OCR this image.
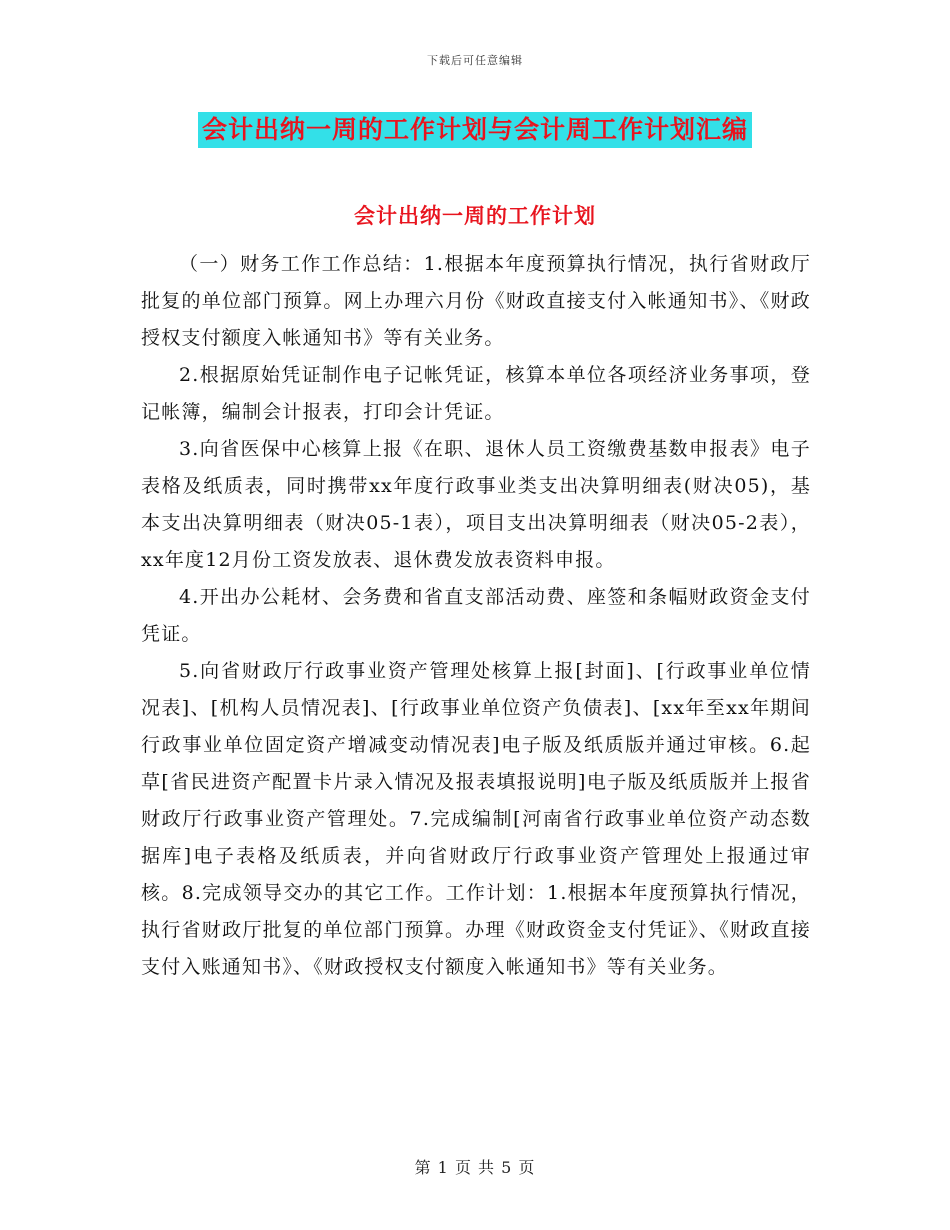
下载后可任意编辑
会计出纳一周的工作计划与会计周工作计划汇编
会计出纳一周的工作计划

（一）财务工作工作总结：1.根据本年度预算执行情况，执行省财政厅批复的单位部门预算。网上办理六月份《财政直接支付入帐通知书》、《财政授权支付额度入帐通知书》等有关业务。

2.根据原始凭证制作电子记帐凭证，核算本单位各项经济业务事项，登记帐簿，编制会计报表，打印会计凭证。

3.向省医保中心核算上报《在职、退休人员工资缴费基数申报表》电子表格及纸质表，同时携带xx年度行政事业类支出决算明细表(财决05)，基本支出决算明细表（财决05-1表），项目支出决算明细表（财决05-2表），xx年度12月份工资发放表、退休费发放表资料申报。

4.开出办公耗材、会务费和省直支部活动费、座签和条幅财政资金支付凭证。

5.向省财政厅行政事业资产管理处核算上报[封面]、[行政事业单位情况表]、[机构人员情况表]、[行政事业单位资产负债表]、[xx年至xx年期间行政事业单位固定资产增减变动情况表]电子版及纸质版并通过审核。6.起草[省民进资产配置卡片录入情况及报表填报说明]电子版及纸质版并上报省财政厅行政事业资产管理处。7.完成编制[河南省行政事业单位资产动态数据库]电子表格及纸质表，并向省财政厅行政事业资产管理处上报通过审核。8.完成领导交办的其它工作。工作计划：1.根据本年度预算执行情况，执行省财政厅批复的单位部门预算。办理《财政资金支付凭证》、《财政直接支付入账通知书》、《财政授权支付额度入帐通知书》等有关业务。

第 1 页 共 5 页
